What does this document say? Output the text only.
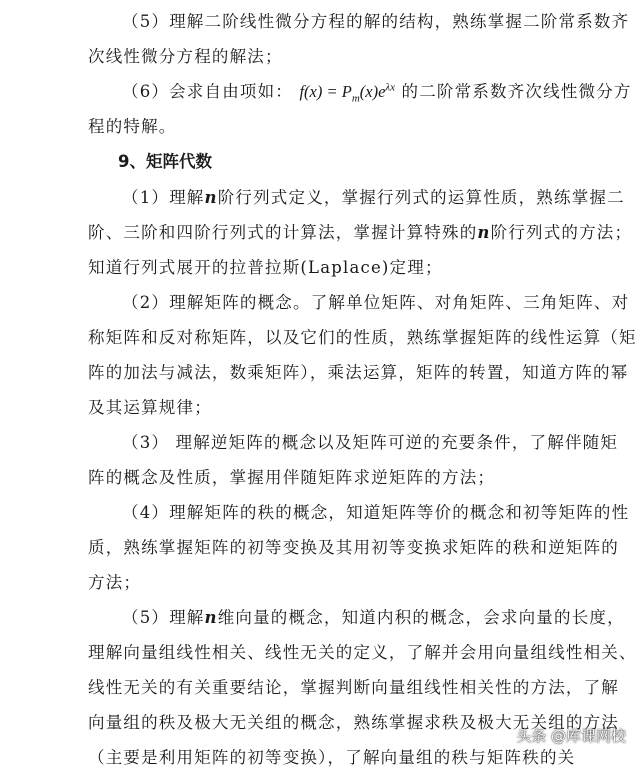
（5）理解二阶线性微分方程的解的结构，熟练掌握二阶常系数齐
次线性微分方程的解法；
（6）会求自由项如： $f(x) = P_m(x)e^{\lambda x}$ 的二阶常系数齐次线性微分方
程的特解。
9、矩阵代数
（1）理解n阶行列式定义，掌握行列式的运算性质，熟练掌握二
阶、三阶和四阶行列式的计算法，掌握计算特殊的n阶行列式的方法；
知道行列式展开的拉普拉斯(Laplace)定理；
（2）理解矩阵的概念。了解单位矩阵、对角矩阵、三角矩阵、对
称矩阵和反对称矩阵，以及它们的性质，熟练掌握矩阵的线性运算（矩
阵的加法与减法，数乘矩阵），乘法运算，矩阵的转置，知道方阵的幂
及其运算规律；
（3） 理解逆矩阵的概念以及矩阵可逆的充要条件，了解伴随矩
阵的概念及性质，掌握用伴随矩阵求逆矩阵的方法；
（4）理解矩阵的秩的概念，知道矩阵等价的概念和初等矩阵的性
质，熟练掌握矩阵的初等变换及其用初等变换求矩阵的秩和逆矩阵的
方法；
（5）理解n维向量的概念，知道内积的概念，会求向量的长度，
理解向量组线性相关、线性无关的定义，了解并会用向量组线性相关、
线性无关的有关重要结论，掌握判断向量组线性相关性的方法，了解
向量组的秩及极大无关组的概念，熟练掌握求秩及极大无关组的方法
（主要是利用矩阵的初等变换），了解向量组的秩与矩阵秩的关
头条 @库课网校
